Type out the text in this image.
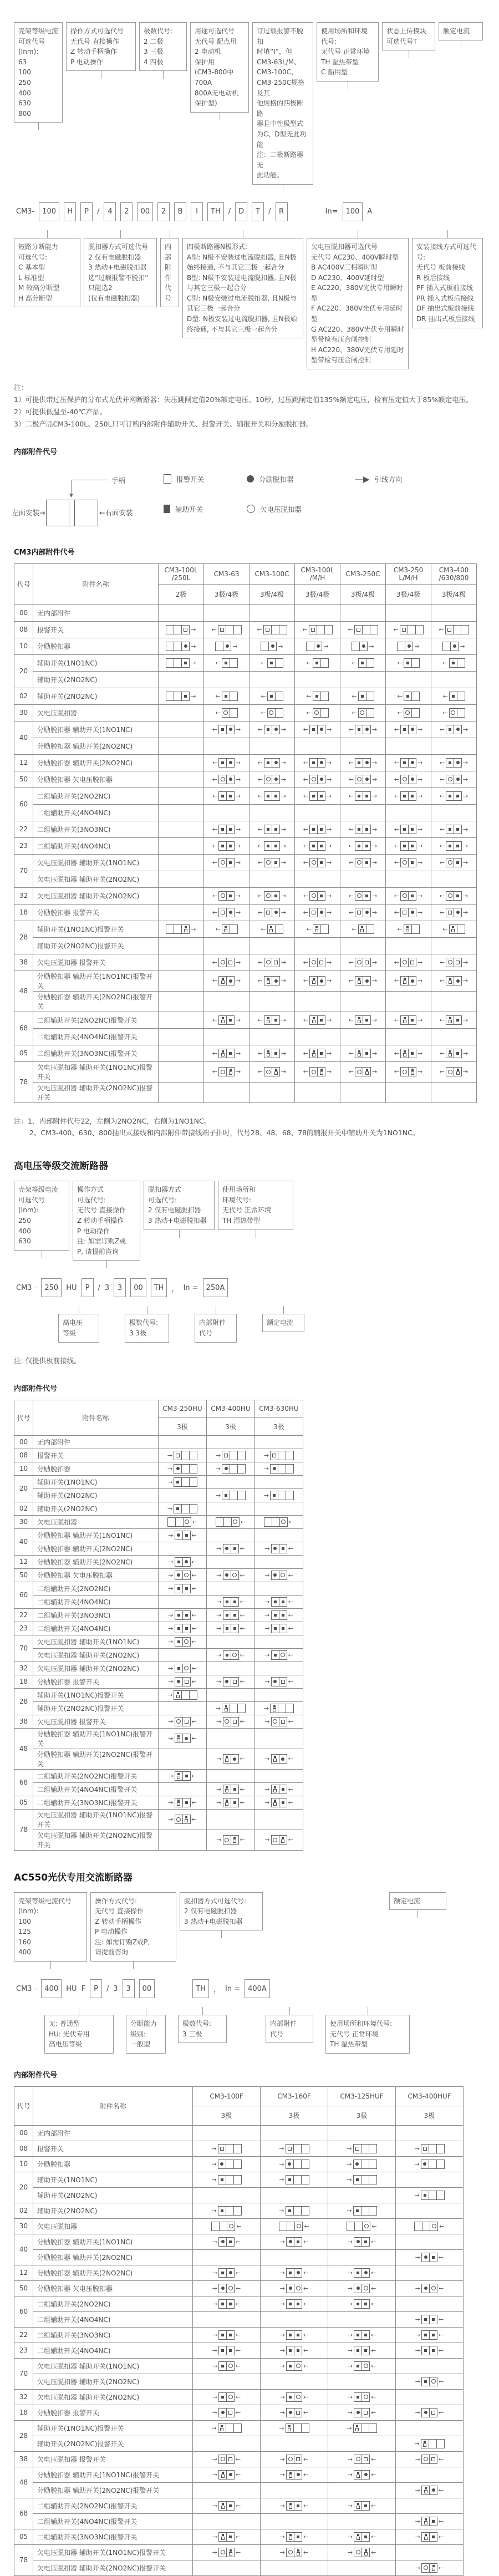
壳架等级电流
可选代号
(Inm):
63
100
250
400
630
800
操作方式可选代号
无代号 直接操作
Z 转动手柄操作
P 电动操作
极数代号:
2 二极
3 三极
4 四极
用途可选代号
无代号 配点用
2 电动机
保护用
(CM3-800中700A
800A无电动机保护型)
订过载报警不脱扣
时填“I”，但
CM3-63L/M、
CM3-100C、
CM3-250C规格及其
他规格的四极断路
器且中性极型式
为C、D型无此功能
注：二极断路器无
此功能。
使用场所和环境
代号:
无代号 正常环境
TH 湿热带型
C 船用型
状态上传模块
可选代号T
额定电流
CM3-	100	H	P	/	4	2	00	2	B	I	TH	/	D	T	/	R	In=	100	A
短路分断能力
可选代号:
C 基本型
L 标准型
M 较高分断型
H 高分断型
脱扣器方式可选代号
2 仅有电磁脱扣器
3 热动+电磁脱扣器
选“过载报警不脱扣”
只能选2
(仅有电磁脱扣器)
内部
附件
代号
四极断路器N极形式:
A型: N极不安装过电流脱扣器, 且N极始终接通, 不与其它三极一起合分
B型: N极不安装过电流脱扣器, 且N极与其它三极一起合分
C型: N极安装过电流脱扣器, 且N极与其它三极一起合分
D型: N极安装过电流脱扣器, 且N极始终接通, 不与其它三极一起合分
欠电压脱扣器可选代号
无代号 AC230、400V瞬时型
B AC400V三相瞬时型
D AC230、400V延时型
E AC220、380V光伏专用瞬时型
F AC220、380V光伏专用延时型
G AC220、380V光伏专用瞬时型带检有压合闸控制
H AC220、380V光伏专用延时型带检有压合闸控制
安装接线方式可选代号:
无代号 板前接线
R 板后接线
PF 插入式板前接线
PR 插入式板后接线
DF 抽出式板前接线
DR 抽出式板后接线
注：
1）可提供带过压保护的分布式光伏并网断路器：失压跳闸定值20%额定电压、10秒，过压跳闸定值135%额定电压，检有压定值大于85%额定电压。
2）可提供低温至-40℃产品。
3）二极产品CM3-100L、250L只可订购内部附件辅助开关、报警开关、辅报开关和分励脱扣器。
内部附件代号
▼
手柄
左面安装→	←右面安装
报警开关	分励脱扣器	—▶ 引线方向
辅助开关	欠电压脱扣器
CM3内部附件代号
代号	附件名称	CM3-100L /250L	CM3-63	CM3-100C	CM3-100L /M/H	CM3-250C	CM3-250 L/M/H	CM3-400 /630/800
		2极	3极/4极	3极/4极	3极/4极	3极/4极	3极/4极	3极/4极
00	无内部附件							
08	报警开关	→	←	←	←	←	←	←

10	分励脱扣器	→	→	→	→	→	→	→

20	辅助开关(1NO1NC)	→	←	←	←	←	←	←

	辅助开关(2NO2NC)							
02	辅助开关(2NO2NC)	→	←	←	←	←	←	←

30	欠电压脱扣器		←	←	←	←	←	←

40	分励脱扣器 辅助开关(1NO1NC)		← →	← →	← →	← →	← →	← →

	分励脱扣器 辅助开关(2NO2NC)							
12	分励脱扣器 辅助开关(2NO2NC)		← →	← →	← →	← →	← →	← →

50	分励脱扣器 欠电压脱扣器		← →	← →	← →	← →	← →	← →

60	二组辅助开关(2NO2NC)		← →	← →	← →	← →	← →	← →

	二组辅助开关(4NO4NC)							
22	二组辅助开关(3NO3NC)		← →	← →	← →	← →	← →	← →

23	二组辅助开关(4NO4NC)		← →	← →	← →	← →	← →	← →

70	欠电压脱扣器 辅助开关(1NO1NC)		← →	← →	← →	← →	← →	← →

	欠电压脱扣器 辅助开关(2NO2NC)							
32	欠电压脱扣器 辅助开关(2NO2NC)		← →	← →	← →	← →	← →	← →

18	分励脱扣器 报警开关		← →	← →	← →	← →	← →	← →

28	辅助开关(1NO1NC)报警开关	→	←	←	←	←	←	←

	辅助开关(2NO2NC)报警开关							
38	欠电压脱扣器 报警开关		← →	← →	← →	← →	← →	← →

48	分励脱扣器 辅助开关(1NO1NC)报警开关		← →	← →	← →	← →	← →	← →

	分励脱扣器 辅助开关(2NO2NC)报警开关							
68	二组辅助开关(2NO2NC)报警开关		← →	← →	← →	← →	← →	← →

	二组辅助开关(4NO4NC)报警开关							
05	二组辅助开关(3NO3NC)报警开关		← →	← →	← →	← →	← →	← →

78	欠电压脱扣器 辅助开关(1NO1NC)报警开关		← →	← →	← →	← →	← →	← →

	欠电压脱扣器 辅助开关(2NO2NC)报警开关							
注：1、内部附件代号22，左侧为2NO2NC，右侧为1NO1NC。
2、CM3-400、630、800抽出式接线和内部附件带接线端子排时，代号28、48、68、78的辅报开关中辅助开关为1NO1NC。
高电压等级交流断路器
壳架等级电流
可选代号(Inm):
250
400
630
操作方式
可选代号:
无代号 直接操作
Z 转动手柄操作
P 电动操作
注: 如需订购Z或
P, 请提前咨询
脱扣器方式
可选代号:
2 仅有电磁脱扣器
3 热动+电磁脱扣器
使用场所和
环境代号:
无代号 正常环境
TH 湿热带型
CM3 -	250	HU	P	/ 3	3	00	TH	， In =	250A
高电压
等级
极数代号:
3 3极
内部附件
代号
额定电流
注: 仅提供板前接线。
内部附件代号
代号	附件名称	CM3-250HU	CM3-400HU	CM3-630HU
		3极	3极	3极
00	无内部附件			
08	报警开关	→	→	→

10	分励脱扣器	→	→	→

20	辅助开关(1NO1NC)	→		

	辅助开关(2NO2NC)		→	→

02	辅助开关(2NO2NC)	→		

30	欠电压脱扣器	←	←	←

40	分励脱扣器 辅助开关(1NO1NC)	→ ←		

	分励脱扣器 辅助开关(2NO2NC)		→ ←	→ ←

12	分励脱扣器 辅助开关(2NO2NC)	→ ←		

50	分励脱扣器 欠电压脱扣器	→ ←	→ ←	→ ←

60	二组辅助开关(2NO2NC)	→ ←		

	二组辅助开关(4NO4NC)		→ ←	→ ←

22	二组辅助开关(3NO3NC)	→ ←	→ ←	→ ←

23	二组辅助开关(4NO4NC)	→ ←	→ ←	→ ←

70	欠电压脱扣器 辅助开关(1NO1NC)	→ ←		

	欠电压脱扣器 辅助开关(2NO2NC)		→ ←	→ ←

32	欠电压脱扣器 辅助开关(2NO2NC)	→ ←		

18	分励脱扣器 报警开关	→ ←	→ ←	→ ←

28	辅助开关(1NO1NC)报警开关	→		

	辅助开关(2NO2NC)报警开关		→	→

38	欠电压脱扣器 报警开关	→ ←	→ ←	→ ←

48	分励脱扣器 辅助开关(1NO1NC)报警开关	→ ←		

	分励脱扣器 辅助开关(2NO2NC)报警开关		→ ←	→ ←

68	二组辅助开关(2NO2NC)报警开关	→ ←		

	二组辅助开关(4NO4NC)报警开关		→ ←	→ ←

05	二组辅助开关(3NO3NC)报警开关	→ ←	→ ←	→ ←

78	欠电压脱扣器 辅助开关(1NO1NC)报警开关	→ ←		

	欠电压脱扣器 辅助开关(2NO2NC)报警开关		→ ←	→ ←
AC550光伏专用交流断路器
壳架等级电流代号
(Inm):
100
125
160
400
操作方式代号:
无代号 直接操作
Z 转动手柄操作
P 电动操作
注: 如需订购Z或P,
请提前咨询
脱扣器方式可选代号:
2 仅有电磁脱扣器
3 热动+电磁脱扣器
额定电流
CM3 -	400	HU F	P	/ 3	3	00	TH	， In =	400A
无: 普通型
HU: 光伏专用
高电压等级
分断能力
级别:
一般型
极数代号:
3 三极
内部附件
代号
使用场所和环境代号:
无代号 正常环境
TH 湿热带型
内部附件代号
代号	附件名称	CM3-100F	CM3-160F	CM3-125HUF	CM3-400HUF
		3极	3极	3极	3极
00	无内部附件				
08	报警开关	→	→	→	→

10	分励脱扣器	→	→	→	→

20	辅助开关(1NO1NC)	→	→	→	

	辅助开关(2NO2NC)				→

02	辅助开关(2NO2NC)	→	→	→	

30	欠电压脱扣器	←	←	←	←

40	分励脱扣器 辅助开关(1NO1NC)	→ ←	→ ←	→ ←	

	分励脱扣器 辅助开关(2NO2NC)				→ ←

12	分励脱扣器 辅助开关(2NO2NC)	→ ←	→ ←	→ ←	

50	分励脱扣器 欠电压脱扣器	→ ←	→ ←	→ ←	→ ←

60	二组辅助开关(2NO2NC)	→ ←	→ ←	→ ←	

	二组辅助开关(4NO4NC)				→ ←

22	二组辅助开关(3NO3NC)	→ ←	→ ←	→ ←	→ ←

23	二组辅助开关(4NO4NC)	→ ←	→ ←	→ ←	→ ←

70	欠电压脱扣器 辅助开关(1NO1NC)	→ ←	→ ←	→ ←	

	欠电压脱扣器 辅助开关(2NO2NC)				→ ←

32	欠电压脱扣器 辅助开关(2NO2NC)	→ ←	→ ←	→ ←	

18	分励脱扣器 报警开关	→ ←	→ ←	→ ←	→ ←

28	辅助开关(1NO1NC)报警开关	→	→	→	

	辅助开关(2NO2NC)报警开关				→

38	欠电压脱扣器 报警开关	→ ←	→ ←	→ ←	→ ←

48	分励脱扣器 辅助开关(1NO1NC)报警开关	→ ←	→ ←	→ ←	

	分励脱扣器 辅助开关(2NO2NC)报警开关				→ ←

68	二组辅助开关(2NO2NC)报警开关	→ ←	→ ←	→ ←	

	二组辅助开关(4NO4NC)报警开关				→ ←

05	二组辅助开关(3NO3NC)报警开关	→ ←	→ ←	→ ←	→ ←

78	欠电压脱扣器 辅助开关(1NO1NC)报警开关	→ ←	→ ←	→ ←	

	欠电压脱扣器 辅助开关(2NO2NC)报警开关				→ ←
